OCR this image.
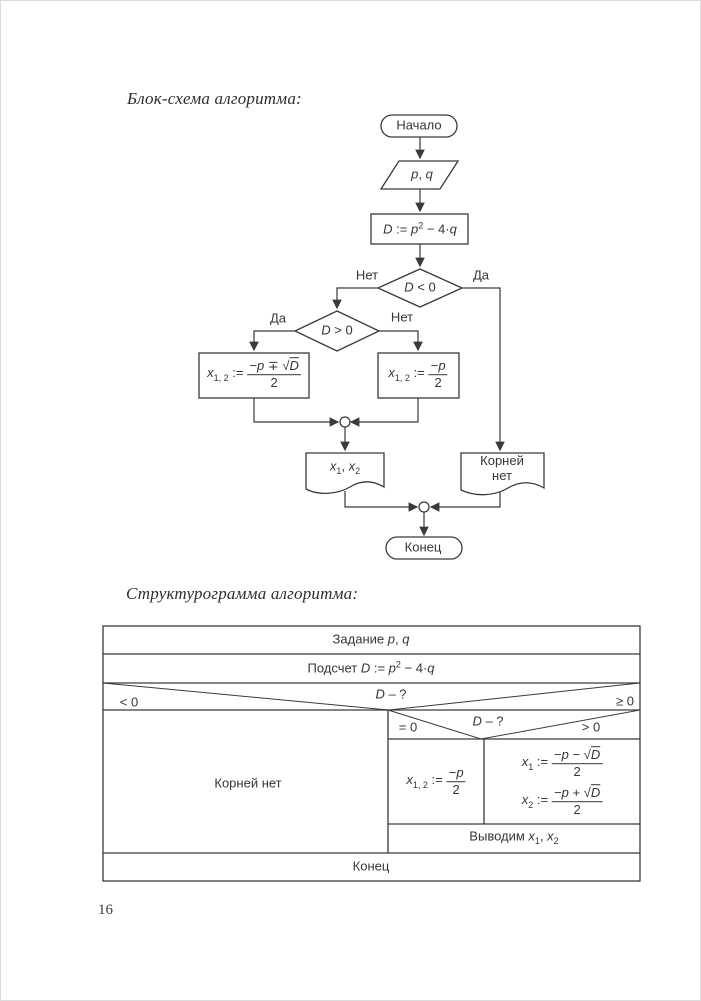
Блок-схема алгоритма:
Структурограмма алгоритма:
16
Начало
p, q
D := $p^2 - 4\cdot q$
D < 0
Нет	Да
D > 0
Да	Нет
$x_{1, 2}$ := $\frac{-p \mp √D}{2}$	$x_{1, 2}$ := $\frac{-p}{2}$
$x_1$, $x_2$
Корней
нет
Конец
Задание p, q
Подсчет D := $p^2 - 4\cdot q$
D – ?
< 0	≥ 0
D – ?
= 0	> 0
Корней нет	$x_{1, 2}$ := $\frac{-p}{2}$
$x_1$ := $\frac{-p - √D}{2}$
$x_2$ := $\frac{-p + √D}{2}$
Выводим $x_1$, $x_2$
Конец
